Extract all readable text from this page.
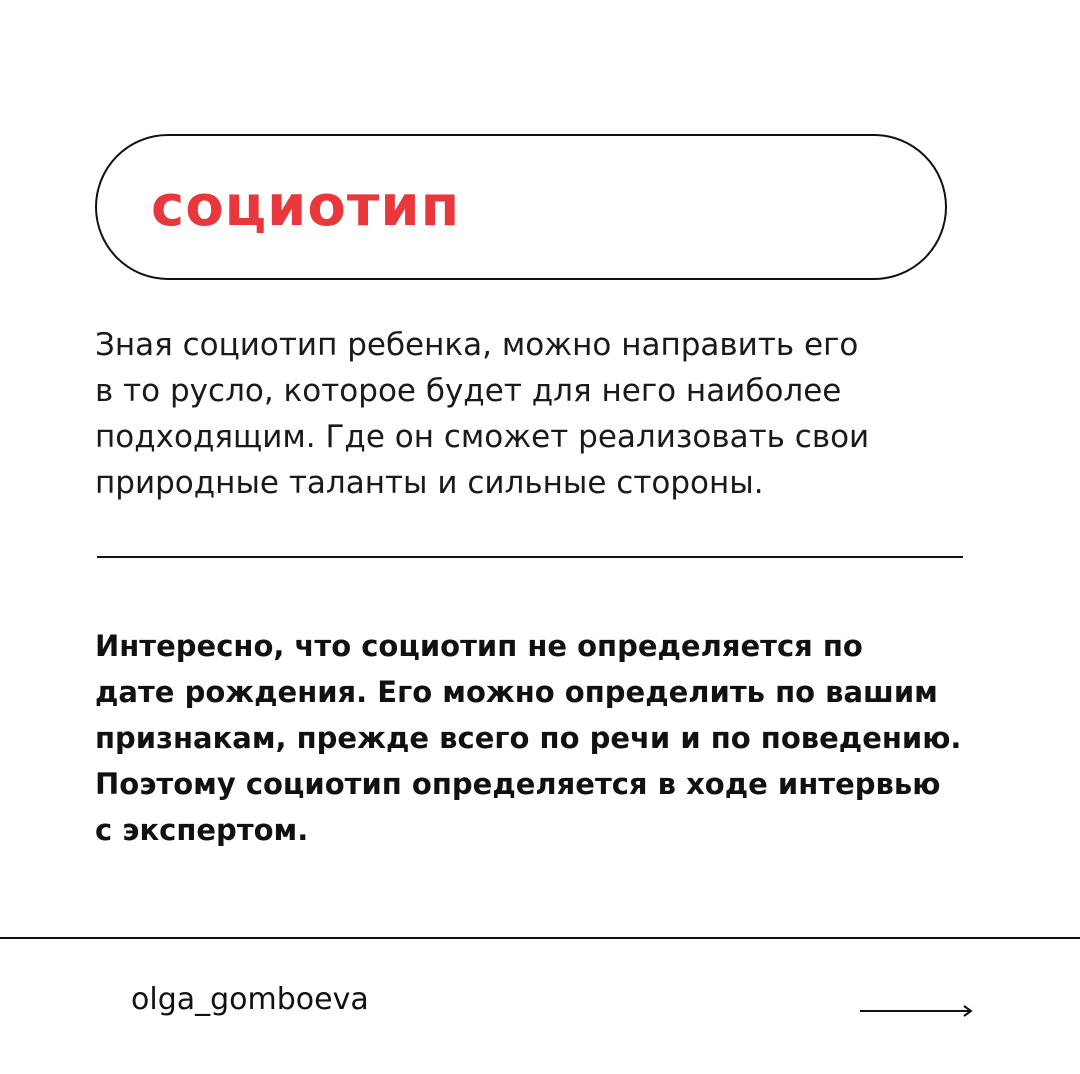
социотип

Зная социотип ребенка, можно направить его
в то русло, которое будет для него наиболее
подходящим. Где он сможет реализовать свои
природные таланты и сильные стороны.

Интересно, что социотип не определяется по
дате рождения. Его можно определить по вашим
признакам, прежде всего по речи и по поведению.
Поэтому социотип определяется в ходе интервью
с экспертом.

olga_gomboeva
